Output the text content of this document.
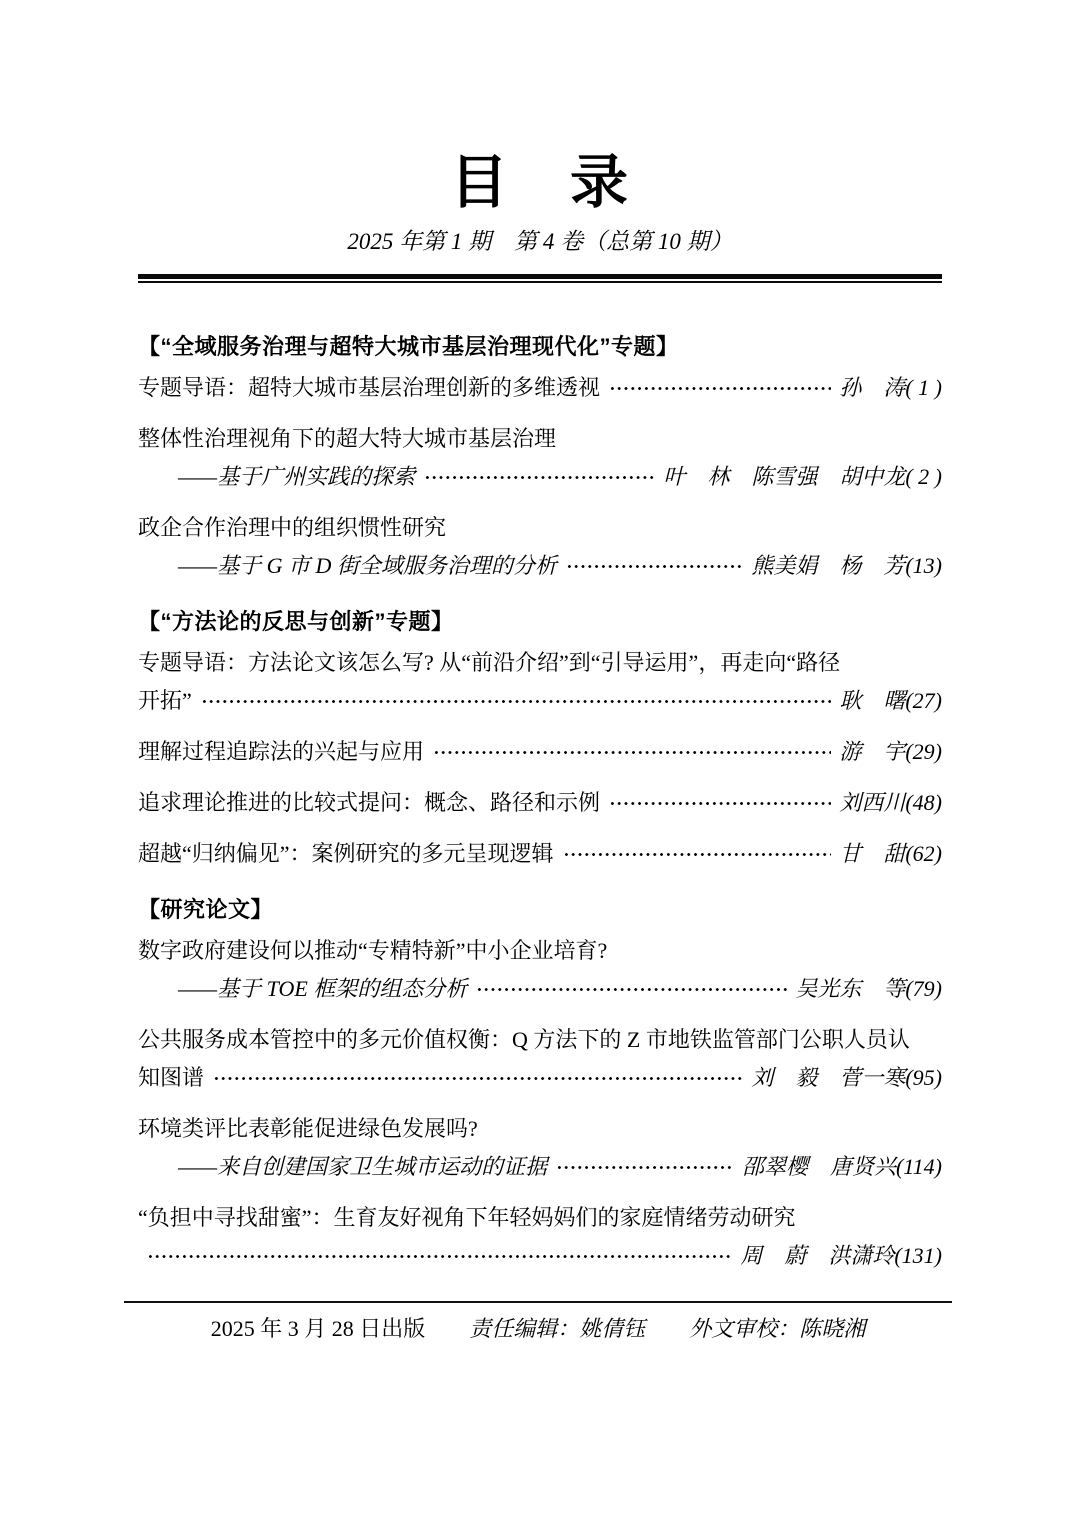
目　录
2025 年第 1 期　第 4 卷（总第 10 期）
【“全域服务治理与超特大城市基层治理现代化”专题】
专题导语：超特大城市基层治理创新的多维透视	孙　涛( 1 )
整体性治理视角下的超大特大城市基层治理
——基于广州实践的探索	叶　林　陈雪强　胡中龙( 2 )
政企合作治理中的组织惯性研究
——基于 G 市 D 街全域服务治理的分析	熊美娟　杨　芳(13)
【“方法论的反思与创新”专题】
专题导语：方法论文该怎么写? 从“前沿介绍”到“引导运用”，再走向“路径
开拓”	耿　曙(27)
理解过程追踪法的兴起与应用	游　宇(29)
追求理论推进的比较式提问：概念、路径和示例	刘西川(48)
超越“归纳偏见”：案例研究的多元呈现逻辑	甘　甜(62)
【研究论文】
数字政府建设何以推动“专精特新”中小企业培育?
——基于 TOE 框架的组态分析	吴光东　等(79)
公共服务成本管控中的多元价值权衡：Q 方法下的 Z 市地铁监管部门公职人员认
知图谱	刘　毅　菅一寒(95)
环境类评比表彰能促进绿色发展吗?
——来自创建国家卫生城市运动的证据	邵翠樱　唐贤兴(114)
“负担中寻找甜蜜”：生育友好视角下年轻妈妈们的家庭情绪劳动研究
周　蔚　洪潇玲(131)
2025 年 3 月 28 日出版 责任编辑：姚倩钰 外文审校：陈晓湘
